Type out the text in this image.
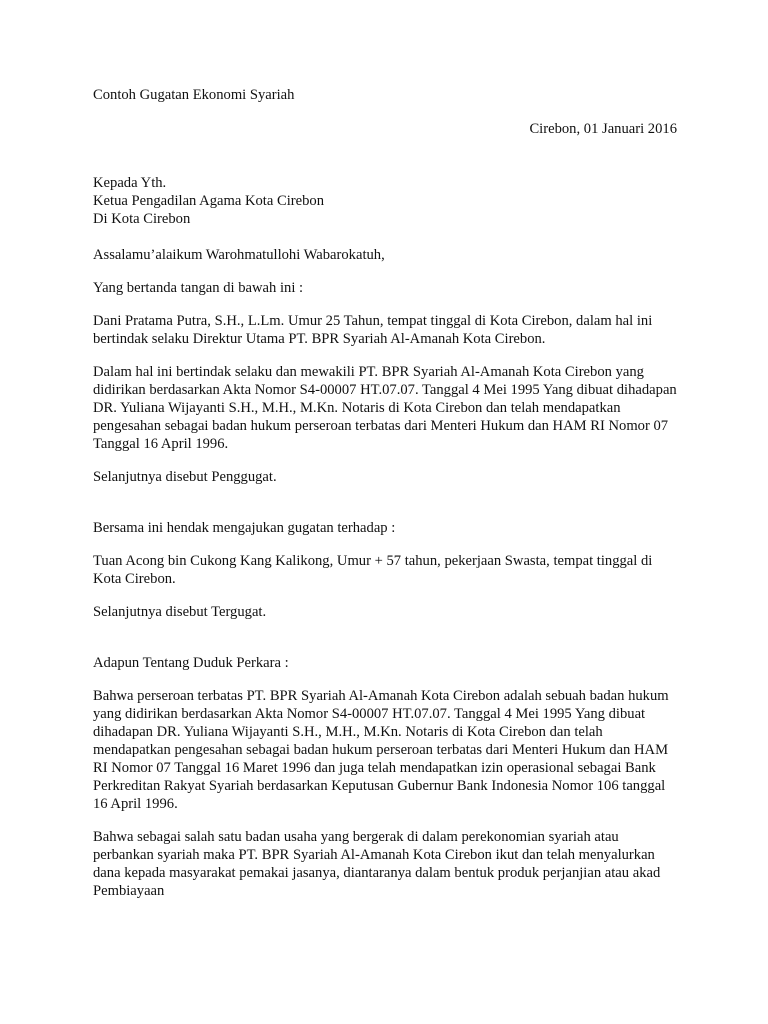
Contoh Gugatan Ekonomi Syariah

Cirebon, 01 Januari 2016

Kepada Yth.

Ketua Pengadilan Agama Kota Cirebon

Di Kota Cirebon

Assalamu’alaikum Warohmatullohi Wabarokatuh,

Yang bertanda tangan di bawah ini :

Dani Pratama Putra, S.H., L.Lm. Umur 25 Tahun, tempat tinggal di Kota Cirebon, dalam hal ini bertindak selaku Direktur Utama PT. BPR Syariah Al-Amanah Kota Cirebon.

Dalam hal ini bertindak selaku dan mewakili PT. BPR Syariah Al-Amanah Kota Cirebon yang didirikan berdasarkan Akta Nomor S4-00007 HT.07.07. Tanggal 4 Mei 1995 Yang dibuat dihadapan DR. Yuliana Wijayanti S.H., M.H., M.Kn. Notaris di Kota Cirebon dan telah mendapatkan pengesahan sebagai badan hukum perseroan terbatas dari Menteri Hukum dan HAM RI Nomor 07 Tanggal 16 April 1996.

Selanjutnya disebut Penggugat.

Bersama ini hendak mengajukan gugatan terhadap :

Tuan Acong bin Cukong Kang Kalikong, Umur + 57 tahun, pekerjaan Swasta, tempat tinggal di Kota Cirebon.

Selanjutnya disebut Tergugat.

Adapun Tentang Duduk Perkara :

Bahwa perseroan terbatas PT. BPR Syariah Al-Amanah Kota Cirebon adalah sebuah badan hukum yang didirikan berdasarkan Akta Nomor S4-00007 HT.07.07. Tanggal 4 Mei 1995 Yang dibuat dihadapan DR. Yuliana Wijayanti S.H., M.H., M.Kn. Notaris di Kota Cirebon dan telah mendapatkan pengesahan sebagai badan hukum perseroan terbatas dari Menteri Hukum dan HAM RI Nomor 07 Tanggal 16 Maret 1996 dan juga telah mendapatkan izin operasional sebagai Bank Perkreditan Rakyat Syariah berdasarkan Keputusan Gubernur Bank Indonesia Nomor 106 tanggal 16 April 1996.

Bahwa sebagai salah satu badan usaha yang bergerak di dalam perekonomian syariah atau perbankan syariah maka PT. BPR Syariah Al-Amanah Kota Cirebon ikut dan telah menyalurkan dana kepada masyarakat pemakai jasanya, diantaranya dalam bentuk produk perjanjian atau akad Pembiayaan
